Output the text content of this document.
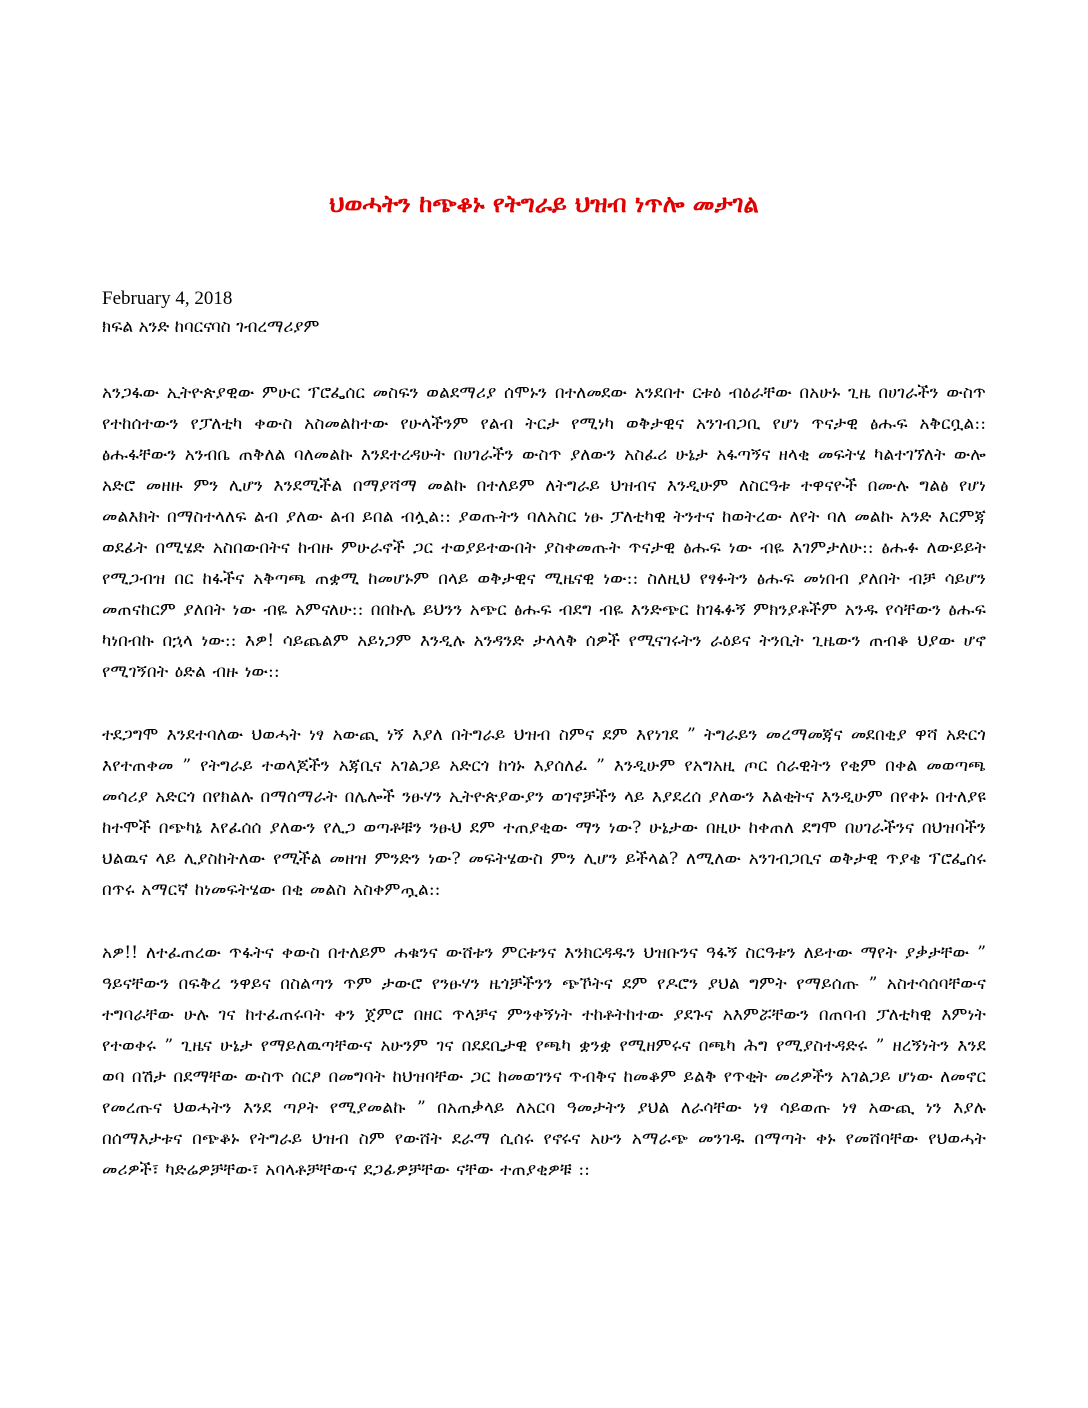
ህወሓትን ከጭቆኑ የትግራይ ህዝብ ነጥሎ መታገል
February 4, 2018
ክፍል አንድ ከባርናባስ ገብረማሪያም

አንጋፋው ኢትዮጵያዊው ምሁር ፕሮፌሰር መስፍን ወልደማሪያ ሰሞኑን በተለመደው አንደበተ ርቱዕ ብዕራቸው በአሁኑ ጊዜ በሀገራችን ውስጥ የተከሰተውን የፓለቲካ ቀውስ አስመልከተው የሁላችንም የልብ ትርታ የሚነካ ወቅታዊና አንገብጋቢ የሆነ ጥናታዊ ፅሑፍ አቅርቧል:: ፅሑፋቸውን አንብቤ ጠቅለል ባለመልኩ እንደተረዳሁት በሀገራችን ውስጥ ያለውን አስፈሪ ሁኔታ አፋጣኝና ዘላቂ መፍትሄ ካልተገኘለት ውሎ አድሮ መዘዙ ምን ሊሆን እንደሚችል በማያሻማ መልኩ በተለይም ለትግራይ ህዝብና እንዲሁም ለስርዓቱ ተዋናዮች በሙሉ ግልፅ የሆነ መልእክት በማስተላለፍ ልብ ያለው ልብ ይበል ብሏል:: ያወጡትን ባለአስር ነፁ ፓለቲካዊ ትንተና ከወትረው ለየት ባለ መልኩ አንድ እርምጃ ወደፊት በሚሄድ አስበውበትና ከብዙ ምሁራኖች ጋር ተወያይተውበት ያስቀመጡት ጥናታዊ ፅሑፍ ነው ብዬ እገምታለሁ:: ፅሑፉ ለውይይት የሚጋብዝ በር ከፋችና አቅጣጫ ጠቋሚ ከመሆኑም በላይ ወቅታዊና ሚዜናዊ ነው:: ስለዚህ የፃፉትን ፅሑፍ መነበብ ያለበት ብቻ ሳይሆን መጠናከርም ያለበት ነው ብዬ አምናለሁ:: በበኩሌ ይህንን አጭር ፅሑፍ ብደግ ብዬ እንድጭር ከገፋፉኝ ምክንያቶችም አንዱ የሳቸውን ፅሑፍ ካነበብኩ በኋላ ነው:: እዎ! ሳይጨልም አይነጋም እንዲሉ አንዳንድ ታላላቅ ሰዎች የሚናገሩትን ራዕይና ትንቢት ጊዜውን ጠብቆ ህያው ሆኖ የሚገኝበት ዕድል ብዙ ነው::

ተደጋግሞ እንደተባለው ህወሓት ነፃ አውጪ ነኝ እያለ በትግራይ ህዝብ ስምና ደም እየነገደ ” ትግራይን መረማመጃና መደበቂያ ዋሻ አድርጎ እየተጠቀመ ” የትግራይ ተወላጆችን አጃቢና አገልጋይ አድርጎ ከጎኑ እያሰለፈ ” እንዲሁም የአግአዚ ጦር ሰራዊትን የቂም በቀል መወጣጫ መሳሪያ አድርጎ በየክልሉ በማሰማራት በሌሎች ንፁሃን ኢትዮጵያውያን ወገኖቻችን ላይ እያደረሰ ያለውን እልቂትና እንዲሁም በየቀኑ በተለያዩ ከተሞች በጭካኔ እየፈሰሰ ያለውን የሊጋ ወጣቶቹን ንፁህ ደም ተጠያቂው ማን ነው? ሁኔታው በዚሁ ከቀጠለ ደግሞ በሀገራችንና በህዝባችን ህልዉና ላይ ሊያስከትለው የሚችል መዘዝ ምንድን ነው? መፍትሄውስ ምን ሊሆን ይችላል? ለሚለው አንገብጋቢና ወቅታዊ ጥያቄ ፕሮፌሰሩ በጥሩ አማርኛ ከነመፍትሄው በቂ መልስ አስቀምጧል::

አዎ!! ለተፈጠረው ጥፋትና ቀውስ በተለይም ሐቁንና ውሸቱን ምርቱንና እንክርዳዱን ህዝቡንና ዓፋኝ ስርዓቱን ለይተው ማየት ያቃታቸው ” ዓይናቸውን በፍቅረ ንዋይና በስልጣን ጥም ታውሮ የንፁሃን ዜጎቻችንን ጭኾትና ደም የዶሮን ያህል ግምት የማይሰጡ ” አስተሳሰባቸውና ተግባራቸው ሁሉ ገና ከተፈጠሩባት ቀን ጀምሮ በዘር ጥላቻና ምንቀኝነት ተከቶትከተው ያደጉና አእምሯቸውን በጠባብ ፓለቲካዊ እምነት የተወቀሩ ” ጊዜና ሁኔታ የማይለዉጣቸውና አሁንም ገና በደደቢታዊ የጫካ ቋንቋ የሚዘምሩና በጫካ ሕግ የሚያስተዳድሩ ” ዘረኝነትን እንደ ወባ በሽታ በደማቸው ውስጥ ሰርፆ በመግባት ከህዝባቸው ጋር ከመወገንና ጥብቅና ከመቆም ይልቅ የጥቂት መሪዎችን አገልጋይ ሆነው ለመኖር የመረጡና ህወሓትን እንደ ጣዖት የሚያመልኩ ” በአጠቃላይ ለአርባ ዓመታትን ያህል ለራሳቸው ነፃ ሳይወጡ ነፃ አውጪ ነን እያሉ በሰማእታቱና በጭቆኑ የትግራይ ህዝብ ስም የውሸት ደራማ ሲሰሩ የኖሩና አሁን አማራጭ መንገዱ በማጣት ቀኑ የመሸባቸው የህወሓት መሪዎች፣ ካድሬዎቻቸው፣ አባላቶቻቸውና ደጋፊዎቻቸው ናቸው ተጠያቂዎቹ ::
